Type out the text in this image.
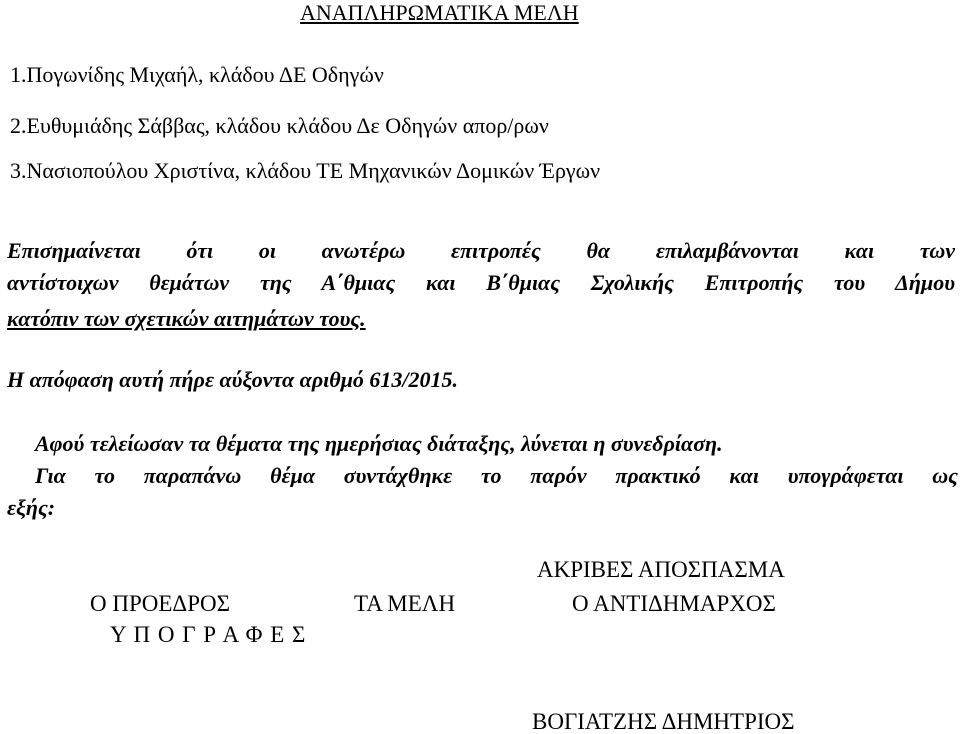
ΑΝΑΠΛΗΡΩΜΑΤΙΚΑ ΜΕΛΗ
1.Πογωνίδης Μιχαήλ, κλάδου ΔΕ Οδηγών
2.Ευθυμιάδης Σάββας, κλάδου κλάδου Δε Οδηγών απορ/ρων
3.Νασιοπούλου Χριστίνα, κλάδου ΤΕ Μηχανικών Δομικών Έργων
Επισημαίνεται ότι οι ανωτέρω επιτροπές θα επιλαμβάνονται και των
αντίστοιχων θεμάτων της Α΄θμιας και Β΄θμιας Σχολικής Επιτροπής του Δήμου
κατόπιν των σχετικών αιτημάτων τους.
Η απόφαση αυτή πήρε αύξοντα αριθμό 613/2015.
Αφού τελείωσαν τα θέματα της ημερήσιας διάταξης, λύνεται η συνεδρίαση.
Για το παραπάνω θέμα συντάχθηκε το παρόν πρακτικό και υπογράφεται ως
εξής:
ΑΚΡΙΒΕΣ ΑΠΟΣΠΑΣΜΑ
Ο ΠΡΟΕΔΡΟΣ	ΤΑ ΜΕΛΗ	Ο ΑΝΤΙΔΗΜΑΡΧΟΣ
Υ Π Ο Γ Ρ Α Φ Ε Σ
ΒΟΓΙΑΤΖΗΣ ΔΗΜΗΤΡΙΟΣ
